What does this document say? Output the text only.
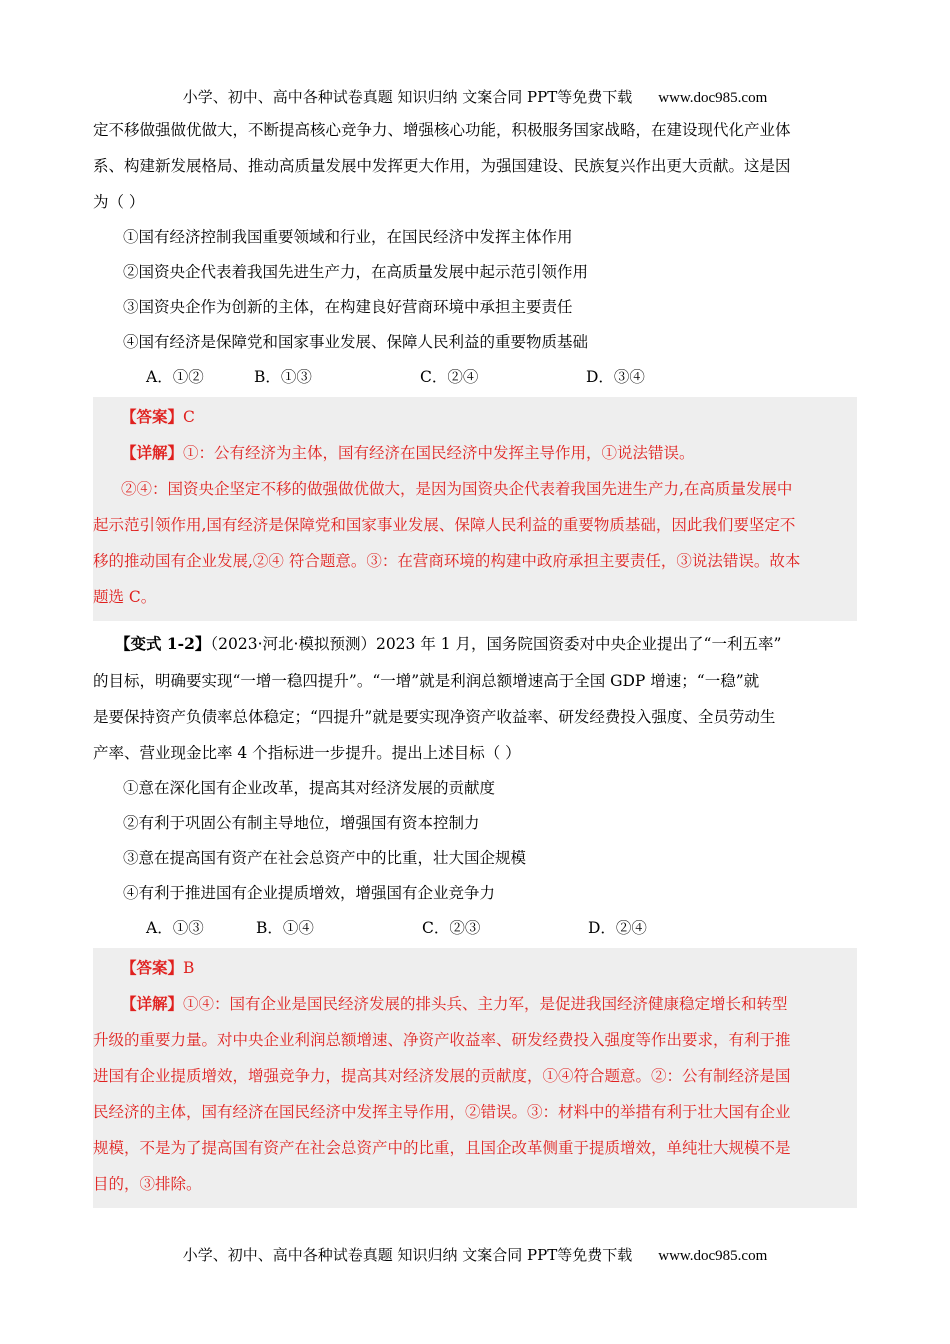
小学、初中、高中各种试卷真题 知识归纳 文案合同 PPT等免费下载 www.doc985.com

定不移做强做优做大，不断提高核心竞争力、增强核心功能，积极服务国家战略，在建设现代化产业体

系、构建新发展格局、推动高质量发展中发挥更大作用，为强国建设、民族复兴作出更大贡献。这是因

为（ ）

①国有经济控制我国重要领域和行业，在国民经济中发挥主体作用

②国资央企代表着我国先进生产力，在高质量发展中起示范引领作用

③国资央企作为创新的主体，在构建良好营商环境中承担主要责任

④国有经济是保障党和国家事业发展、保障人民利益的重要物质基础

A．①②	B．①③	C．②④	D．③④

【答案】C

【详解】①：公有经济为主体，国有经济在国民经济中发挥主导作用，①说法错误。

②④：国资央企坚定不移的做强做优做大，是因为国资央企代表着我国先进生产力,在高质量发展中

起示范引领作用,国有经济是保障党和国家事业发展、保障人民利益的重要物质基础，因此我们要坚定不

移的推动国有企业发展,②④ 符合题意。③：在营商环境的构建中政府承担主要责任，③说法错误。故本

题选 C。

【变式 1-2】（2023·河北·模拟预测）2023 年 1 月，国务院国资委对中央企业提出了“一利五率”

的目标，明确要实现“一增一稳四提升”。“一增”就是利润总额增速高于全国 GDP 增速；“一稳”就

是要保持资产负债率总体稳定；“四提升”就是要实现净资产收益率、研发经费投入强度、全员劳动生

产率、营业现金比率 4 个指标进一步提升。提出上述目标（ ）

①意在深化国有企业改革，提高其对经济发展的贡献度

②有利于巩固公有制主导地位，增强国有资本控制力

③意在提高国有资产在社会总资产中的比重，壮大国企规模

④有利于推进国有企业提质增效，增强国有企业竞争力

A．①③	B．①④	C．②③	D．②④

【答案】B

【详解】①④：国有企业是国民经济发展的排头兵、主力军，是促进我国经济健康稳定增长和转型

升级的重要力量。对中央企业利润总额增速、净资产收益率、研发经费投入强度等作出要求，有利于推

进国有企业提质增效，增强竞争力，提高其对经济发展的贡献度，①④符合题意。②：公有制经济是国

民经济的主体，国有经济在国民经济中发挥主导作用，②错误。③：材料中的举措有利于壮大国有企业

规模，不是为了提高国有资产在社会总资产中的比重，且国企改革侧重于提质增效，单纯壮大规模不是

目的，③排除。

小学、初中、高中各种试卷真题 知识归纳 文案合同 PPT等免费下载 www.doc985.com
